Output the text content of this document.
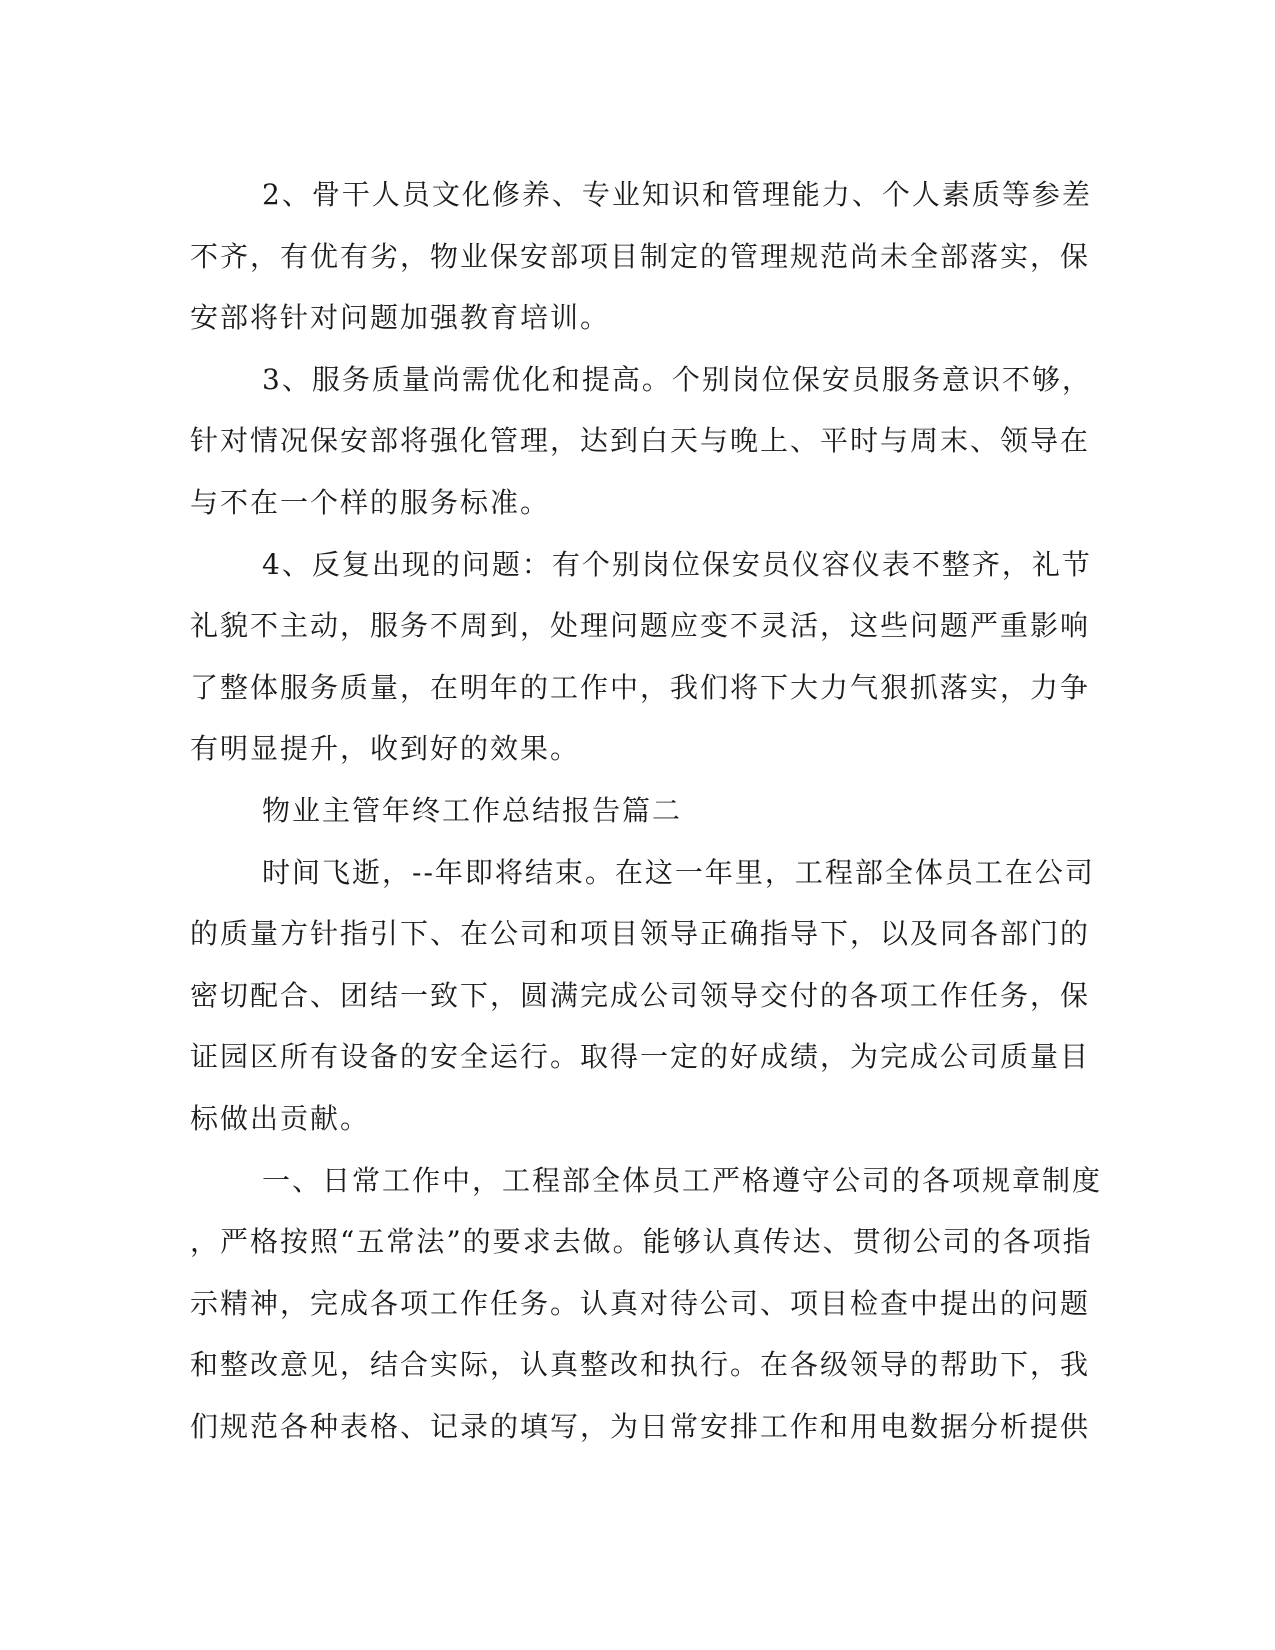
2、骨干人员文化修养、专业知识和管理能力、个人素质等参差
不齐，有优有劣，物业保安部项目制定的管理规范尚未全部落实，保
安部将针对问题加强教育培训。
3、服务质量尚需优化和提高。个别岗位保安员服务意识不够，
针对情况保安部将强化管理，达到白天与晚上、平时与周末、领导在
与不在一个样的服务标准。
4、反复出现的问题：有个别岗位保安员仪容仪表不整齐，礼节
礼貌不主动，服务不周到，处理问题应变不灵活，这些问题严重影响
了整体服务质量，在明年的工作中，我们将下大力气狠抓落实，力争
有明显提升，收到好的效果。
物业主管年终工作总结报告篇二
时间飞逝，--年即将结束。在这一年里，工程部全体员工在公司
的质量方针指引下、在公司和项目领导正确指导下，以及同各部门的
密切配合、团结一致下，圆满完成公司领导交付的各项工作任务，保
证园区所有设备的安全运行。取得一定的好成绩，为完成公司质量目
标做出贡献。
一、日常工作中，工程部全体员工严格遵守公司的各项规章制度
，严格按照“五常法”的要求去做。能够认真传达、贯彻公司的各项指
示精神，完成各项工作任务。认真对待公司、项目检查中提出的问题
和整改意见，结合实际，认真整改和执行。在各级领导的帮助下，我
们规范各种表格、记录的填写，为日常安排工作和用电数据分析提供
